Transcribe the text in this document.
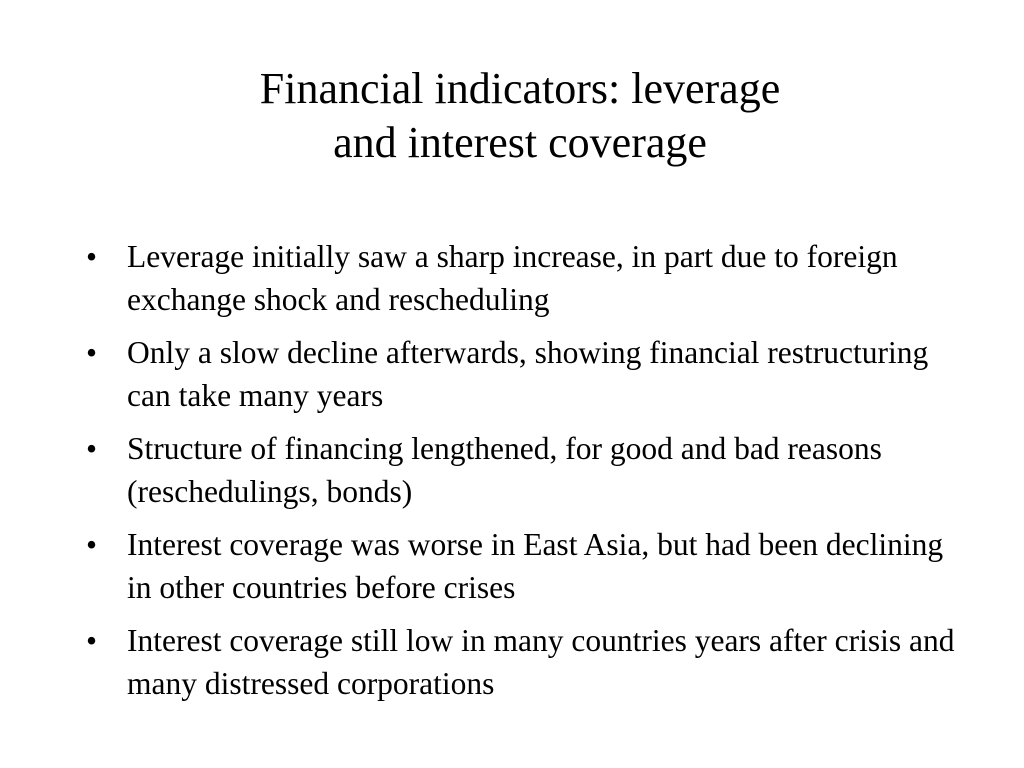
Financial indicators: leverage
and interest coverage
• Leverage initially saw a sharp increase, in part due to foreign exchange shock and rescheduling
• Only a slow decline afterwards, showing financial restructuring can take many years
• Structure of financing lengthened, for good and bad reasons (reschedulings, bonds)
• Interest coverage was worse in East Asia, but had been declining in other countries before crises
• Interest coverage still low in many countries years after crisis and many distressed corporations
